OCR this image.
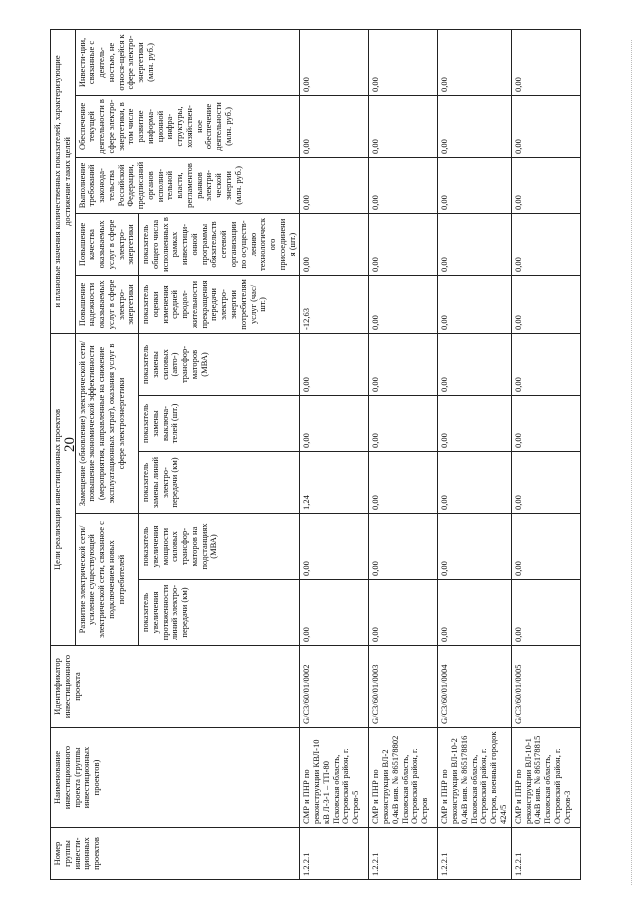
20
Номер группы инвести-ционных проектов	Наименование инвестиционного проекта (группы инвестиционных проектов)	Идентификатор инвестиционного проекта	Цели реализации инвестиционных проектов					и плановые значения количественных показателей, характеризующие достижение таких целей				
			Развитие электрической сети/усиление существующей электрической сети, связанное с подключением новых потребителей		Замещение (обновление) электрической сети/повышение экономической эффективности (мероприятия, направленные на снижение эксплуатационных затрат), оказания услуг в сфере электроэнергетики			Повышение надежности оказываемых услуг в сфере электро-энергетики	Повышение качества оказываемых услуг в сфере электро-энергетики	Выполнение требований законода-тельства Российской Федерации, предписаний органов исполни-тельной власти, регламентов рынков электри-ческой энергии (млн. руб.)	Обеспечение текущей деятельности в сфере электро-энергетики, в том числе развитие информа-ционной инфра-структуры, хозяйствен-ное обеспечение деятельности (млн. руб.)	Инвести-ции, связанные с деятель-ностью, не относя-щейся к сфере электро-энергетики (млн. руб.)
			показатель увеличения протяженности линий электро-передачи (км)	показатель увеличения мощности силовых трансфор-маторов на подстанциях (МВА)	показатель замены линий электро-передачи (км)	показатель замены выключа-телей (шт.)	показатель замены силовых (авто-) трансфор-маторов (МВА)	показатель оценки изменения средней продол-жительности прекращения передачи электро-энергии потребителям услуг (час/шт.)	показатель общего числа исполненных в рамках инвестици-онной программы обязательств сетевой организации по осуществ-лению технологического присоединения (шт.)			
1.2.2.1	СМР и ПНР по реконструкции КВЛ-10 кВ Л-3-1 – ТП-80 Псковская область, Островский район, г. Остров-5	G/C3/60/01/0002	0,00	0,00	1,24	0,00	0,00	-12,63	0,00	0,00	0,00	0,00
1.2.2.1	СМР и ПНР по реконструкции ВЛ-2 0,4кВ инв. № 865178802 Псковская область, Островский район, г. Остров	G/C3/60/01/0003	0,00	0,00	0,00	0,00	0,00	0,00	0,00	0,00	0,00	0,00
1.2.2.1	СМР и ПНР по реконструкции ВЛ-10-2 0,4кВ инв. № 865178816 Псковская область, Островский район, г. Остров, военный городок 424/5	G/C3/60/01/0004	0,00	0,00	0,00	0,00	0,00	0,00	0,00	0,00	0,00	0,00
1.2.2.1	СМР и ПНР по реконструкции ВЛ-10-1 0,4кВ инв. № 865178815 Псковская область, Островский район, г. Остров-3	G/C3/60/01/0005	0,00	0,00	0,00	0,00	0,00	0,00	0,00	0,00	0,00	0,00
